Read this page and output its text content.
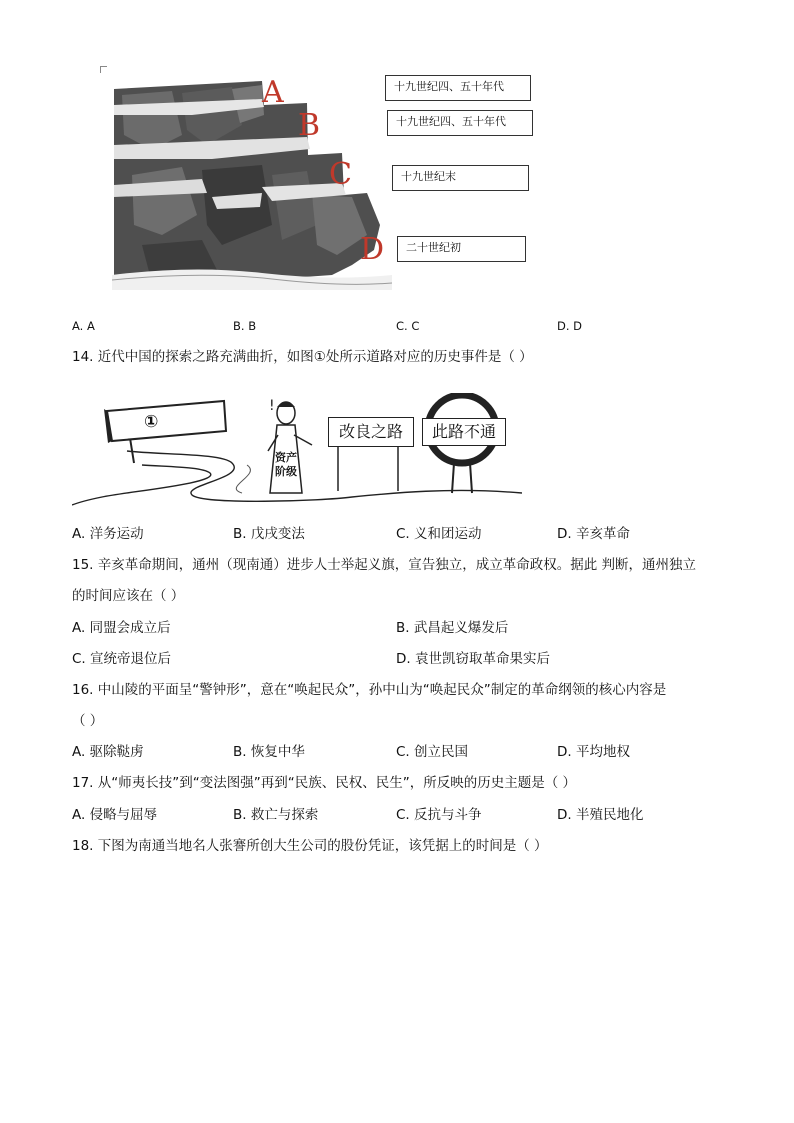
A
B
C
D
十九世纪四、五十年代
十九世纪四、五十年代
十九世纪末
二十世纪初
A. A	B. B	C. C	D. D
14. 近代中国的探索之路充满曲折，如图①处所示道路对应的历史事件是（ ）
!
①
资产
阶级
改良之路	此路不通
A. 洋务运动	B. 戊戌变法	C. 义和团运动	D. 辛亥革命
15. 辛亥革命期间，通州（现南通）进步人士举起义旗，宣告独立，成立革命政权。据此 判断，通州独立
的时间应该在（ ）
A. 同盟会成立后	B. 武昌起义爆发后
C. 宣统帝退位后	D. 袁世凯窃取革命果实后
16. 中山陵的平面呈“警钟形”，意在“唤起民众”，孙中山为“唤起民众”制定的革命纲领的核心内容是
（ ）
A. 驱除鞑虏	B. 恢复中华	C. 创立民国	D. 平均地权
17. 从“师夷长技”到“变法图强”再到“民族、民权、民生”，所反映的历史主题是（ ）
A. 侵略与屈辱	B. 救亡与探索	C. 反抗与斗争	D. 半殖民地化
18. 下图为南通当地名人张謇所创大生公司的股份凭证，该凭据上的时间是（ ）
